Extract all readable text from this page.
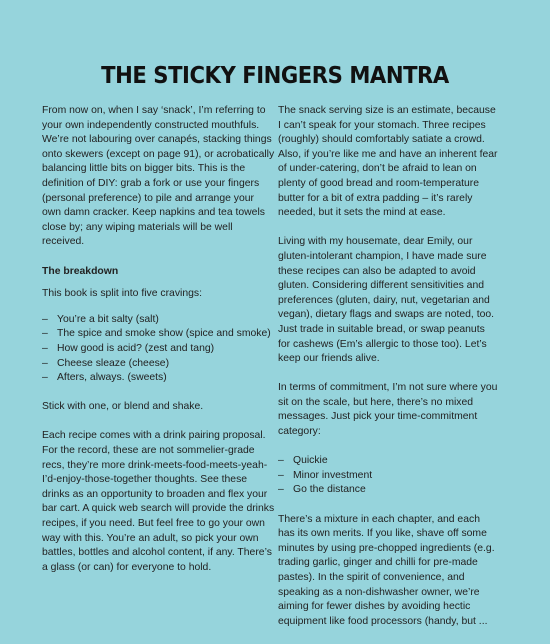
THE STICKY FINGERS MANTRA

From now on, when I say ‘snack’, I’m referring to your own independently constructed mouthfuls. We’re not labouring over canapés, stacking things onto skewers (except on page 91), or acrobatically balancing little bits on bigger bits. This is the definition of DIY: grab a fork or use your fingers (personal preference) to pile and arrange your own damn cracker. Keep napkins and tea towels close by; any wiping materials will be well received.

The breakdown

This book is split into five cravings:

– You’re a bit salty (salt)
– The spice and smoke show (spice and smoke)
– How good is acid? (zest and tang)
– Cheese sleaze (cheese)
– Afters, always. (sweets)

Stick with one, or blend and shake.

Each recipe comes with a drink pairing proposal. For the record, these are not sommelier-grade recs, they’re more drink-meets-food-meets-yeah-I’d-enjoy-those-together thoughts. See these drinks as an opportunity to broaden and flex your bar cart. A quick web search will provide the drinks recipes, if you need. But feel free to go your own way with this. You’re an adult, so pick your own battles, bottles and alcohol content, if any. There’s a glass (or can) for everyone to hold.

The snack serving size is an estimate, because I can’t speak for your stomach. Three recipes (roughly) should comfortably satiate a crowd. Also, if you’re like me and have an inherent fear of under-catering, don’t be afraid to lean on plenty of good bread and room-temperature butter for a bit of extra padding – it’s rarely needed, but it sets the mind at ease.

Living with my housemate, dear Emily, our gluten-intolerant champion, I have made sure these recipes can also be adapted to avoid gluten. Considering different sensitivities and preferences (gluten, dairy, nut, vegetarian and vegan), dietary flags and swaps are noted, too. Just trade in suitable bread, or swap peanuts for cashews (Em’s allergic to those too). Let’s keep our friends alive.

In terms of commitment, I’m not sure where you sit on the scale, but here, there’s no mixed messages. Just pick your time-commitment category:

– Quickie
– Minor investment
– Go the distance

There’s a mixture in each chapter, and each has its own merits. If you like, shave off some minutes by using pre-chopped ingredients (e.g. trading garlic, ginger and chilli for pre-made pastes). In the spirit of convenience, and speaking as a non-dishwasher owner, we’re aiming for fewer dishes by avoiding hectic equipment like food processors (handy, but ...
